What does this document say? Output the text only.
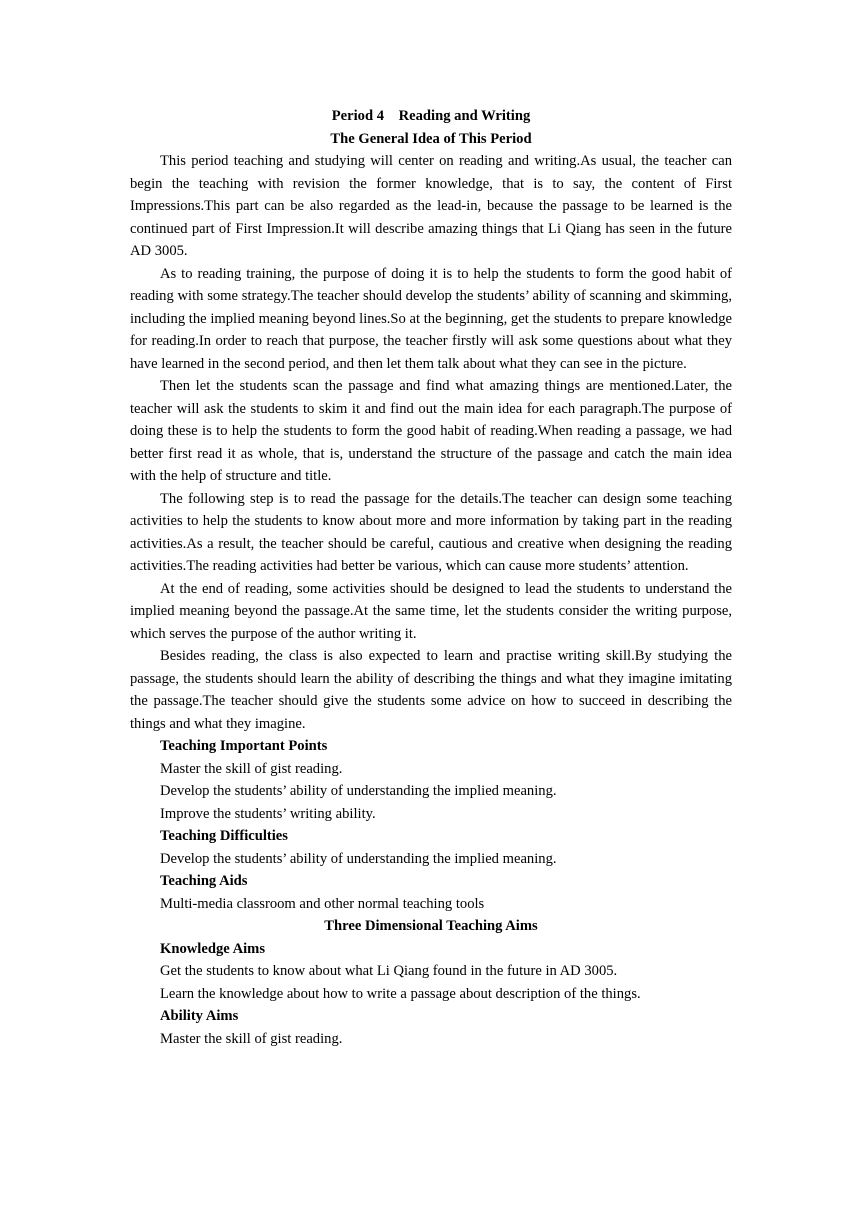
Period 4    Reading and Writing

The General Idea of This Period

This period teaching and studying will center on reading and writing.As usual, the teacher can begin the teaching with revision the former knowledge, that is to say, the content of First Impressions.This part can be also regarded as the lead-in, because the passage to be learned is the continued part of First Impression.It will describe amazing things that Li Qiang has seen in the future AD 3005.

As to reading training, the purpose of doing it is to help the students to form the good habit of reading with some strategy.The teacher should develop the students’ ability of scanning and skimming, including the implied meaning beyond lines.So at the beginning, get the students to prepare knowledge for reading.In order to reach that purpose, the teacher firstly will ask some questions about what they have learned in the second period, and then let them talk about what they can see in the picture.

Then let the students scan the passage and find what amazing things are mentioned.Later, the teacher will ask the students to skim it and find out the main idea for each paragraph.The purpose of doing these is to help the students to form the good habit of reading.When reading a passage, we had better first read it as whole, that is, understand the structure of the passage and catch the main idea with the help of structure and title.

The following step is to read the passage for the details.The teacher can design some teaching activities to help the students to know about more and more information by taking part in the reading activities.As a result, the teacher should be careful, cautious and creative when designing the reading activities.The reading activities had better be various, which can cause more students’ attention.

At the end of reading, some activities should be designed to lead the students to understand the implied meaning beyond the passage.At the same time, let the students consider the writing purpose, which serves the purpose of the author writing it.

Besides reading, the class is also expected to learn and practise writing skill.By studying the passage, the students should learn the ability of describing the things and what they imagine imitating the passage.The teacher should give the students some advice on how to succeed in describing the things and what they imagine.

Teaching Important Points

Master the skill of gist reading.

Develop the students’ ability of understanding the implied meaning.

Improve the students’ writing ability.

Teaching Difficulties

Develop the students’ ability of understanding the implied meaning.

Teaching Aids

Multi-media classroom and other normal teaching tools

Three Dimensional Teaching Aims

Knowledge Aims

Get the students to know about what Li Qiang found in the future in AD 3005.

Learn the knowledge about how to write a passage about description of the things.

Ability Aims

Master the skill of gist reading.
